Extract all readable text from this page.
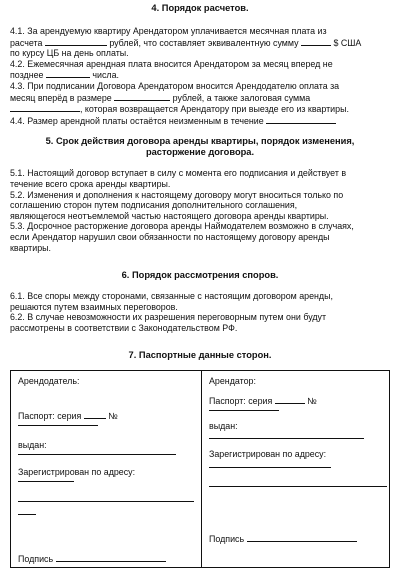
4. Порядок расчетов.

4.1. За арендуемую квартиру Арендатором уплачивается месячная плата из
расчета	рублей, что составляет эквивалентную сумму	$ США
по курсу ЦБ на день оплаты.

4.2. Ежемесячная арендная плата вносится Арендатором за месяц вперед не
позднее	числа.

4.3. При подписании Договора Арендатором вносится Арендодателю оплата за
месяц вперёд в размере	рублей, а также залоговая сумма
, которая возвращается Арендатору при выезде его из квартиры.

4.4. Размер арендной платы остаётся неизменным в течение

5. Срок действия договора аренды квартиры, порядок изменения,
расторжение договора.

5.1. Настоящий договор вступает в силу с момента его подписания и действует в
течение всего срока аренды квартиры.

5.2. Изменения и дополнения к настоящему договору могут вноситься только по
соглашению сторон путем подписания дополнительного соглашения,
являющегося неотъемлемой частью настоящего договора аренды квартиры.

5.3. Досрочное расторжение договора аренды Наймодателем возможно в случаях,
если Арендатор нарушил свои обязанности по настоящему договору аренды
квартиры.

6. Порядок рассмотрения споров.

6.1. Все споры между сторонами, связанные с настоящим договором аренды,
решаются путем взаимных переговоров.

6.2. В случае невозможности их разрешения переговорным путем они будут
рассмотрены в соответствии с Законодательством РФ.

7. Паспортные данные сторон.

Арендодатель:

Паспорт: серия	№

выдан:

Зарегистрирован по адресу:

Подпись

Арендатор:

Паспорт: серия	№

выдан:

Зарегистрирован по адресу:

Подпись
